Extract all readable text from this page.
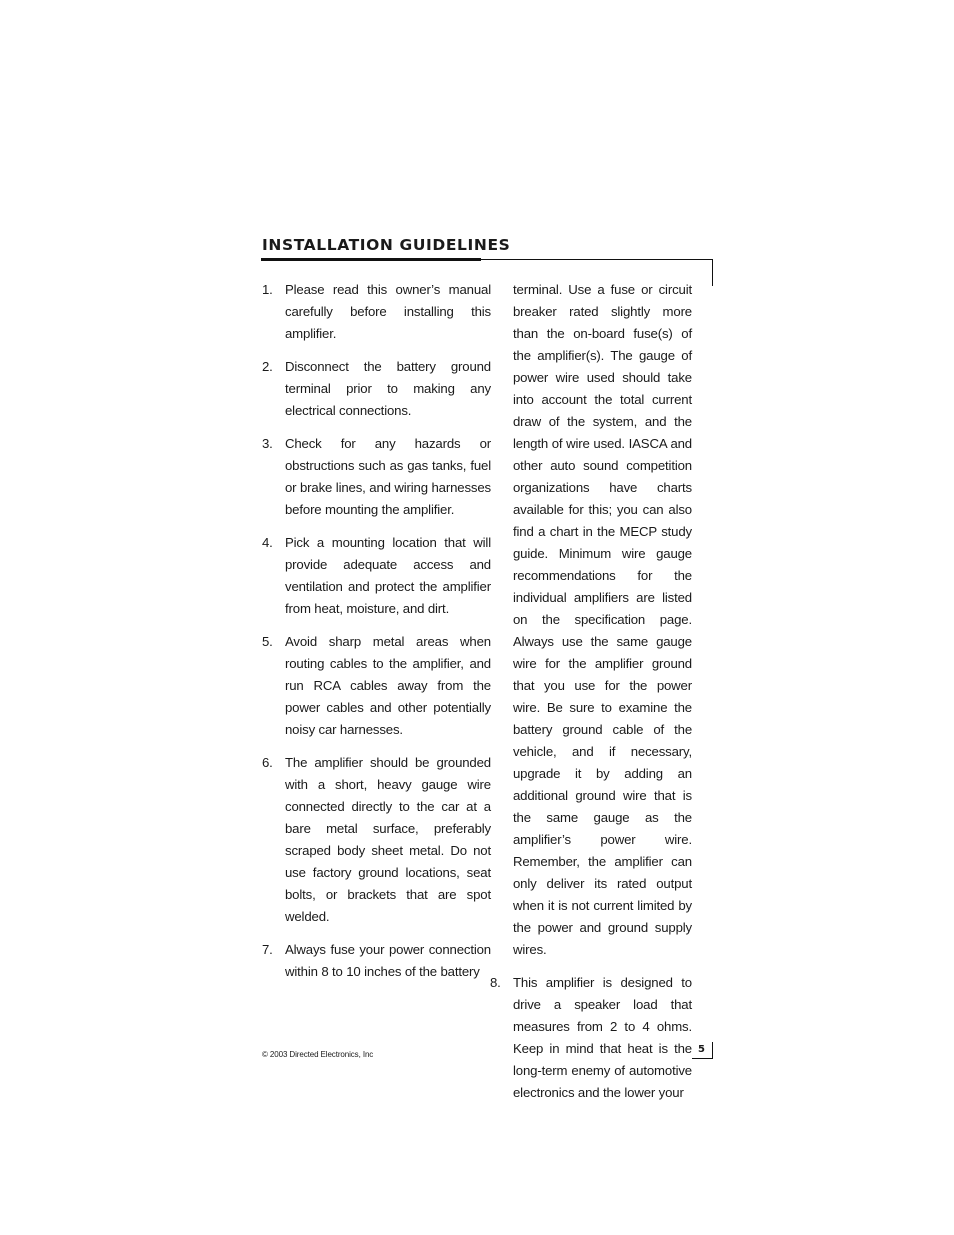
INSTALLATION GUIDELINES
1. Please read this owner’s manual carefully before installing this amplifier.
2. Disconnect the battery ground terminal prior to making any electrical connections.
3. Check for any hazards or obstructions such as gas tanks, fuel or brake lines, and wiring harnesses before mounting the amplifier.
4. Pick a mounting location that will provide adequate access and ventilation and protect the amplifier from heat, moisture, and dirt.
5. Avoid sharp metal areas when routing cables to the amplifier, and run RCA cables away from the power cables and other potentially noisy car harnesses.
6. The amplifier should be grounded with a short, heavy gauge wire connected directly to the car at a bare metal surface, preferably scraped body sheet metal. Do not use factory ground locations, seat bolts, or brackets that are spot welded.
7. Always fuse your power connection within 8 to 10 inches of the battery
terminal. Use a fuse or circuit breaker rated slightly more than the on-board fuse(s) of the amplifier(s). The gauge of power wire used should take into account the total current draw of the system, and the length of wire used. IASCA and other auto sound competition organizations have charts available for this; you can also find a chart in the MECP study guide. Minimum wire gauge recommendations for the individual amplifiers are listed on the specification page. Always use the same gauge wire for the amplifier ground that you use for the power wire. Be sure to examine the battery ground cable of the vehicle, and if necessary, upgrade it by adding an additional ground wire that is the same gauge as the amplifier’s power wire. Remember, the amplifier can only deliver its rated output when it is not current limited by the power and ground supply wires.
8. This amplifier is designed to drive a speaker load that measures from 2 to 4 ohms. Keep in mind that heat is the long-term enemy of automotive electronics and the lower your
© 2003 Directed Electronics, Inc	5
